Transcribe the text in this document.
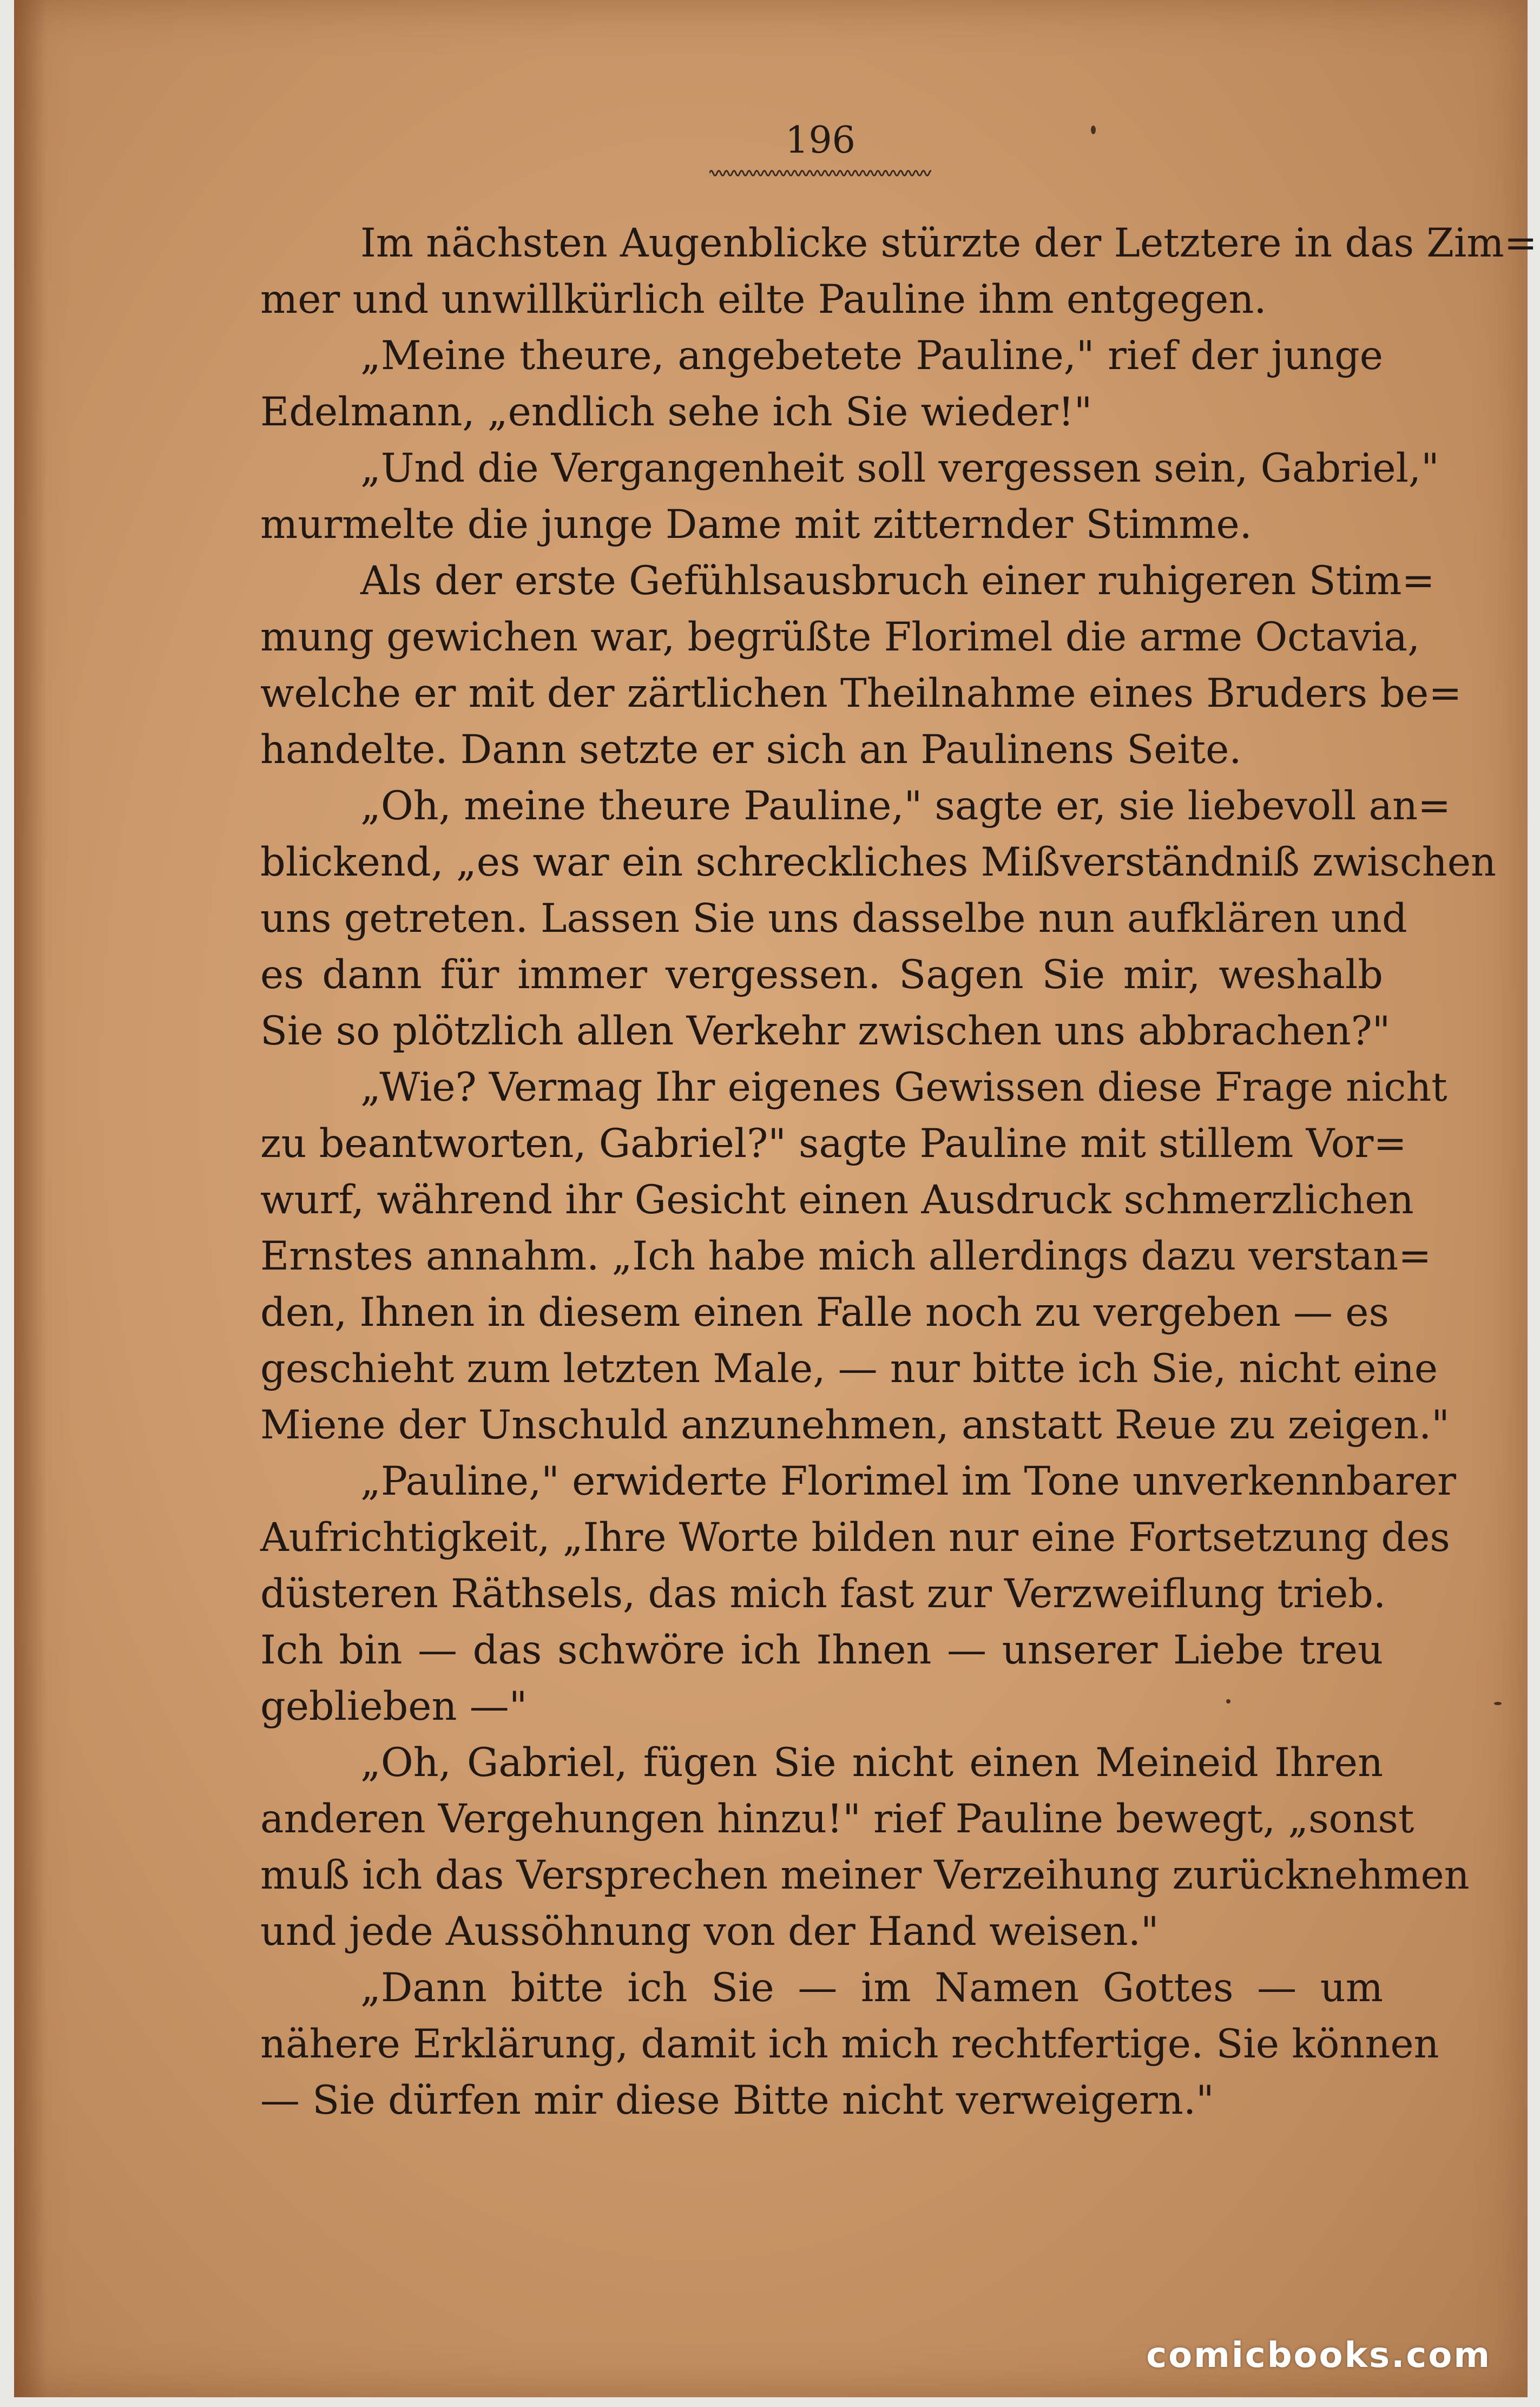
196
Im nächsten Augenblicke stürzte der Letztere in das Zim=
mer und unwillkürlich eilte Pauline ihm entgegen.
„Meine theure, angebetete Pauline," rief der junge
Edelmann, „endlich sehe ich Sie wieder!"
„Und die Vergangenheit soll vergessen sein, Gabriel,"
murmelte die junge Dame mit zitternder Stimme.
Als der erste Gefühlsausbruch einer ruhigeren Stim=
mung gewichen war, begrüßte Florimel die arme Octavia,
welche er mit der zärtlichen Theilnahme eines Bruders be=
handelte. Dann setzte er sich an Paulinens Seite.
„Oh, meine theure Pauline," sagte er, sie liebevoll an=
blickend, „es war ein schreckliches Mißverständniß zwischen
uns getreten. Lassen Sie uns dasselbe nun aufklären und
es dann für immer vergessen. Sagen Sie mir, weshalb
Sie so plötzlich allen Verkehr zwischen uns abbrachen?"
„Wie? Vermag Ihr eigenes Gewissen diese Frage nicht
zu beantworten, Gabriel?" sagte Pauline mit stillem Vor=
wurf, während ihr Gesicht einen Ausdruck schmerzlichen
Ernstes annahm. „Ich habe mich allerdings dazu verstan=
den, Ihnen in diesem einen Falle noch zu vergeben — es
geschieht zum letzten Male, — nur bitte ich Sie, nicht eine
Miene der Unschuld anzunehmen, anstatt Reue zu zeigen."
„Pauline," erwiderte Florimel im Tone unverkennbarer
Aufrichtigkeit, „Ihre Worte bilden nur eine Fortsetzung des
düsteren Räthsels, das mich fast zur Verzweiflung trieb.
Ich bin — das schwöre ich Ihnen — unserer Liebe treu
geblieben —"
„Oh, Gabriel, fügen Sie nicht einen Meineid Ihren
anderen Vergehungen hinzu!" rief Pauline bewegt, „sonst
muß ich das Versprechen meiner Verzeihung zurücknehmen
und jede Aussöhnung von der Hand weisen."
„Dann bitte ich Sie — im Namen Gottes — um
nähere Erklärung, damit ich mich rechtfertige. Sie können
— Sie dürfen mir diese Bitte nicht verweigern."
comicbooks.com
